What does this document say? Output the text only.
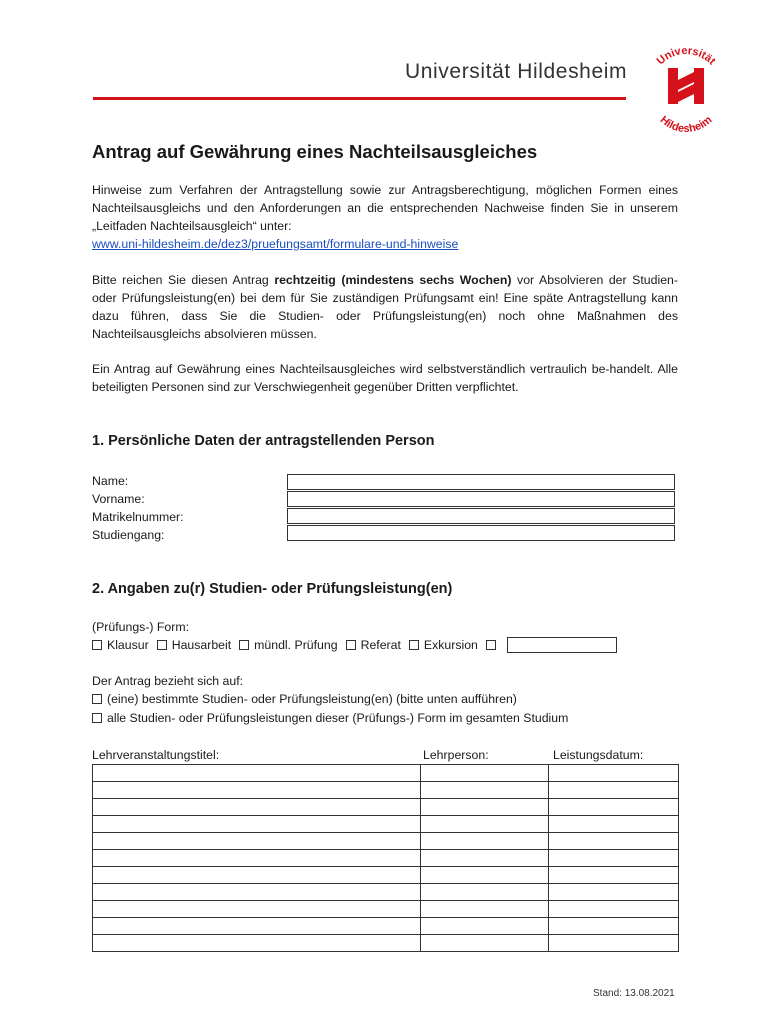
Universität Hildesheim	Universität
Hildesheim
Antrag auf Gewährung eines Nachteilsausgleiches
Hinweise zum Verfahren der Antragstellung sowie zur Antragsberechtigung, möglichen Formen eines Nachteilsausgleichs und den Anforderungen an die entsprechenden Nachweise finden Sie in unserem „Leitfaden Nachteilsausgleich“ unter:
www.uni-hildesheim.de/dez3/pruefungsamt/formulare-und-hinweise
Bitte reichen Sie diesen Antrag rechtzeitig (mindestens sechs Wochen) vor Absolvieren der Studien- oder Prüfungsleistung(en) bei dem für Sie zuständigen Prüfungsamt ein! Eine späte Antragstellung kann dazu führen, dass Sie die Studien- oder Prüfungsleistung(en) noch ohne Maßnahmen des Nachteilsausgleichs absolvieren müssen.
Ein Antrag auf Gewährung eines Nachteilsausgleiches wird selbstverständlich vertraulich be-handelt. Alle beteiligten Personen sind zur Verschwiegenheit gegenüber Dritten verpflichtet.
1. Persönliche Daten der antragstellenden Person
Name:
Vorname:
Matrikelnummer:
Studiengang:
2. Angaben zu(r) Studien- oder Prüfungsleistung(en)
(Prüfungs-) Form:
Klausur Hausarbeit mündl. Prüfung Referat Exkursion
Der Antrag bezieht sich auf:
(eine) bestimmte Studien- oder Prüfungsleistung(en) (bitte unten aufführen)
alle Studien- oder Prüfungsleistungen dieser (Prüfungs-) Form im gesamten Studium
Lehrveranstaltungstitel:	Lehrperson:	Leistungsdatum:

Stand: 13.08.2021
